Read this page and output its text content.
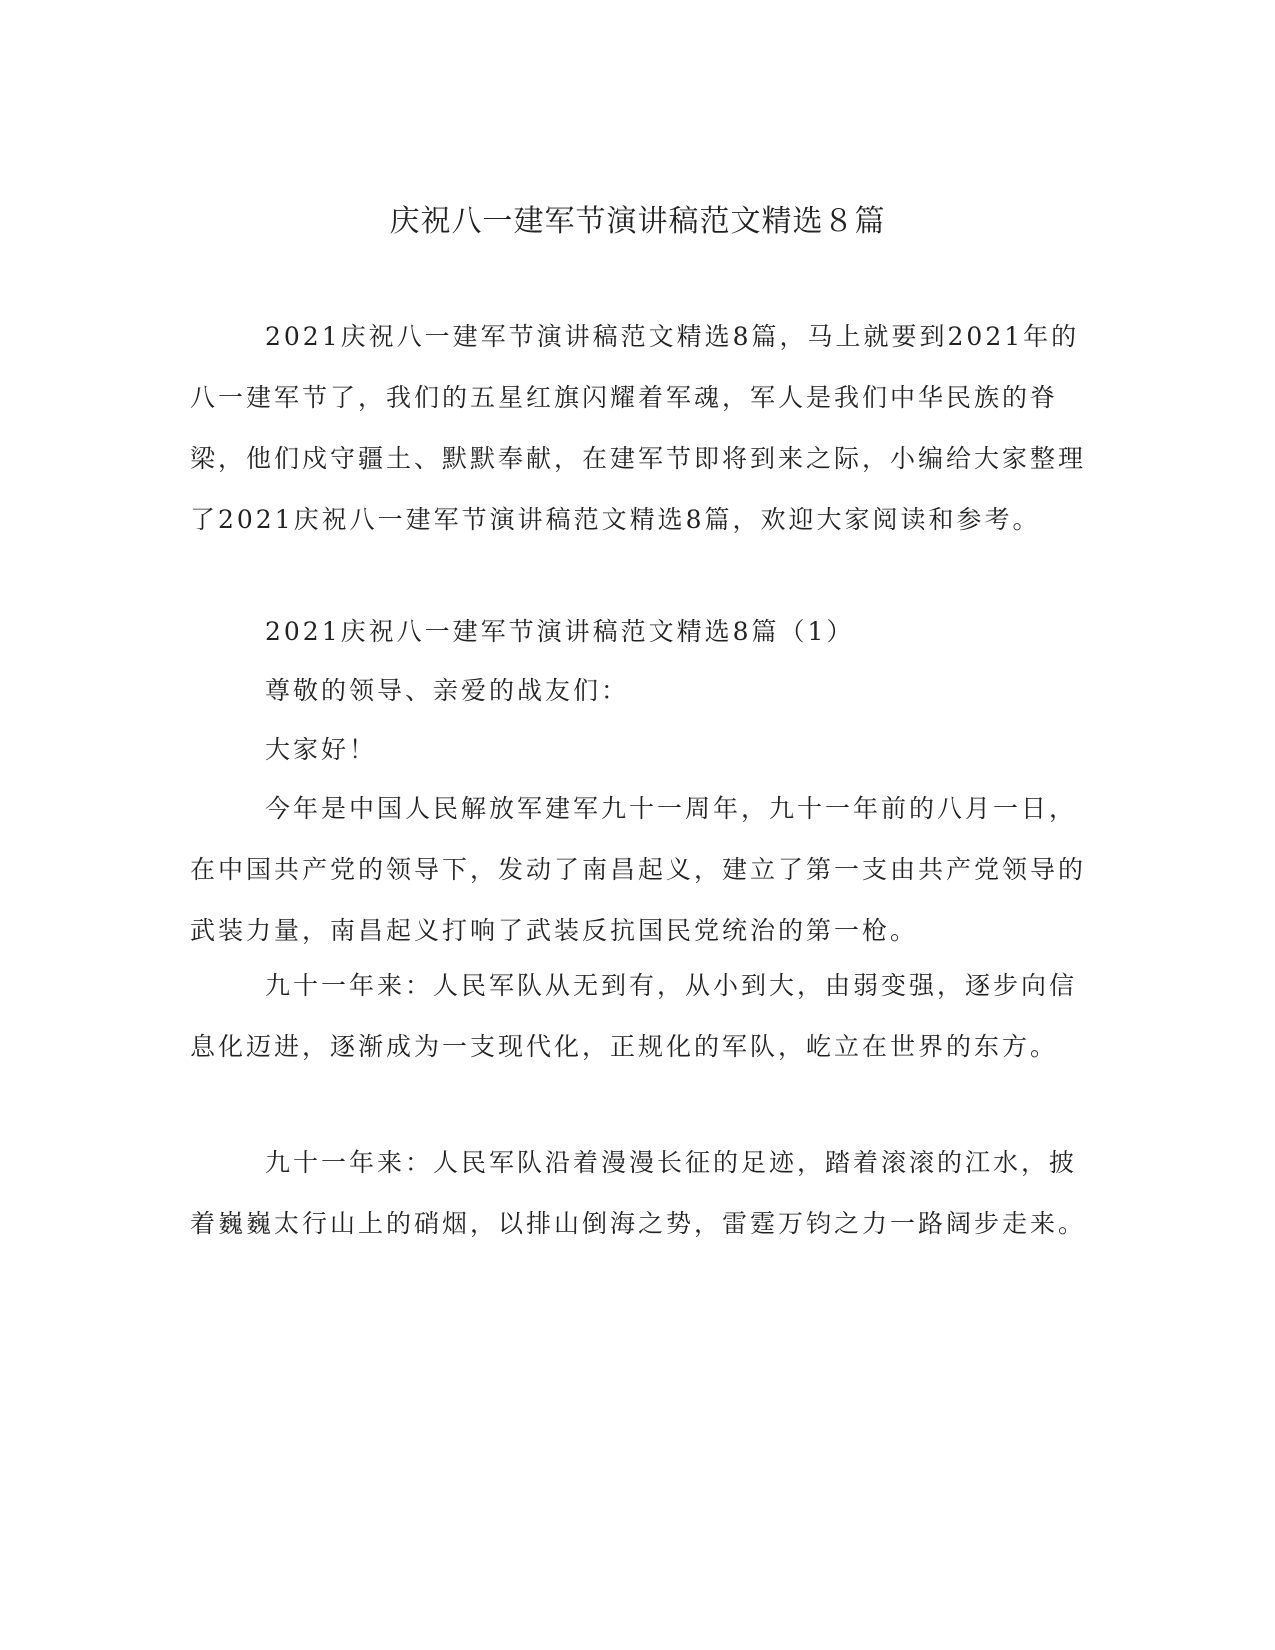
庆祝八一建军节演讲稿范文精选８篇

2021庆祝八一建军节演讲稿范文精选8篇，马上就要到2021年的八一建军节了，我们的五星红旗闪耀着军魂，军人是我们中华民族的脊梁，他们戍守疆土、默默奉献，在建军节即将到来之际，小编给大家整理了2021庆祝八一建军节演讲稿范文精选8篇，欢迎大家阅读和参考。

2021庆祝八一建军节演讲稿范文精选8篇（1）

尊敬的领导、亲爱的战友们：

大家好！

今年是中国人民解放军建军九十一周年，九十一年前的八月一日，在中国共产党的领导下，发动了南昌起义，建立了第一支由共产党领导的武装力量，南昌起义打响了武装反抗国民党统治的第一枪。

九十一年来：人民军队从无到有，从小到大，由弱变强，逐步向信息化迈进，逐渐成为一支现代化，正规化的军队，屹立在世界的东方。

九十一年来：人民军队沿着漫漫长征的足迹，踏着滚滚的江水，披着巍巍太行山上的硝烟，以排山倒海之势，雷霆万钧之力一路阔步走来。
